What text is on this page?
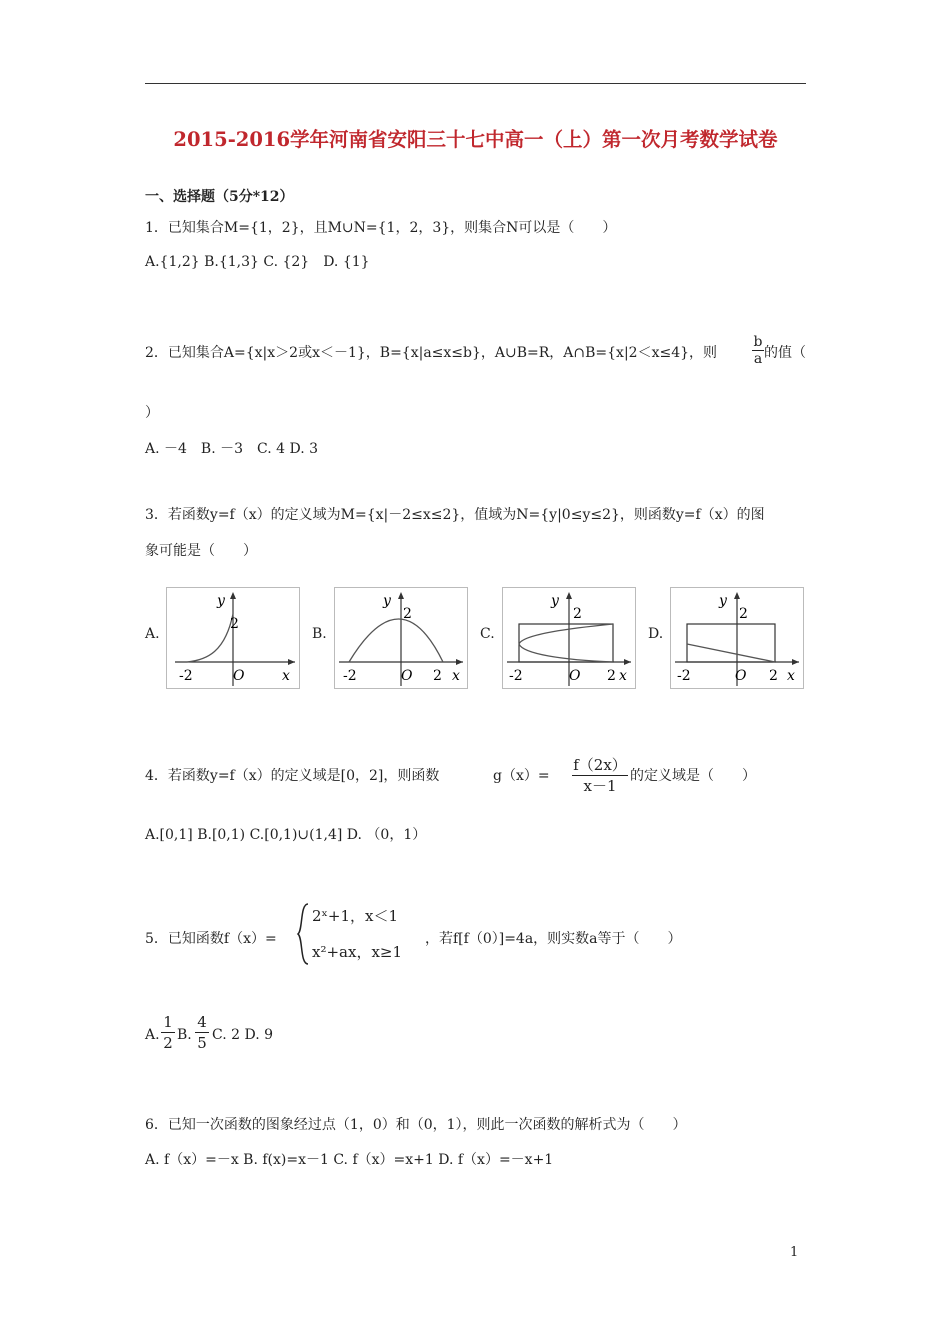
2015-2016学年河南省安阳三十七中高一（上）第一次月考数学试卷
一、选择题（5分*12）
1．已知集合M={1，2}，且M∪N={1，2，3}，则集合N可以是（　　）
A.{1,2} B.{1,3} C. {2}　D. {1}
2．已知集合A={x|x＞2或x＜－1}，B={x|a≤x≤b}，A∪B=R，A∩B={x|2＜x≤4}，则 $\frac{b}{a}$ 的值（
）
A. －4　B. －3　C. 4 D. 3
3．若函数y=f（x）的定义域为M={x|－2≤x≤2}，值域为N={y|0≤y≤2}，则函数y=f（x）的图
象可能是（　　）
A.	B.	C.	D.
y
2
-2	O	x
y
2
-2	O 2 x
y
2
-2	O 2 x
y
2
-2	O 2 x
4．若函数y=f（x）的定义域是[0，2]，则函数	$g(x)= \frac{f(2x)}{x-1}$ 的定义域是（　　）
A.[0,1] B.[0,1) C.[0,1)∪(1,4] D. （0，1）
5．已知函数f（x）=
2ˣ+1，x＜1
x²+ax，x≥1
，若f[f（0）]=4a，则实数a等于（　　）
A. $\frac{1}{2} B$. $\frac{4}{5} C$. 2 D. 9
6．已知一次函数的图象经过点（1，0）和（0，1），则此一次函数的解析式为（　　）
A. f（x）=－x B. f(x)=x－1 C. f（x）=x+1 D. f（x）=－x+1
1
